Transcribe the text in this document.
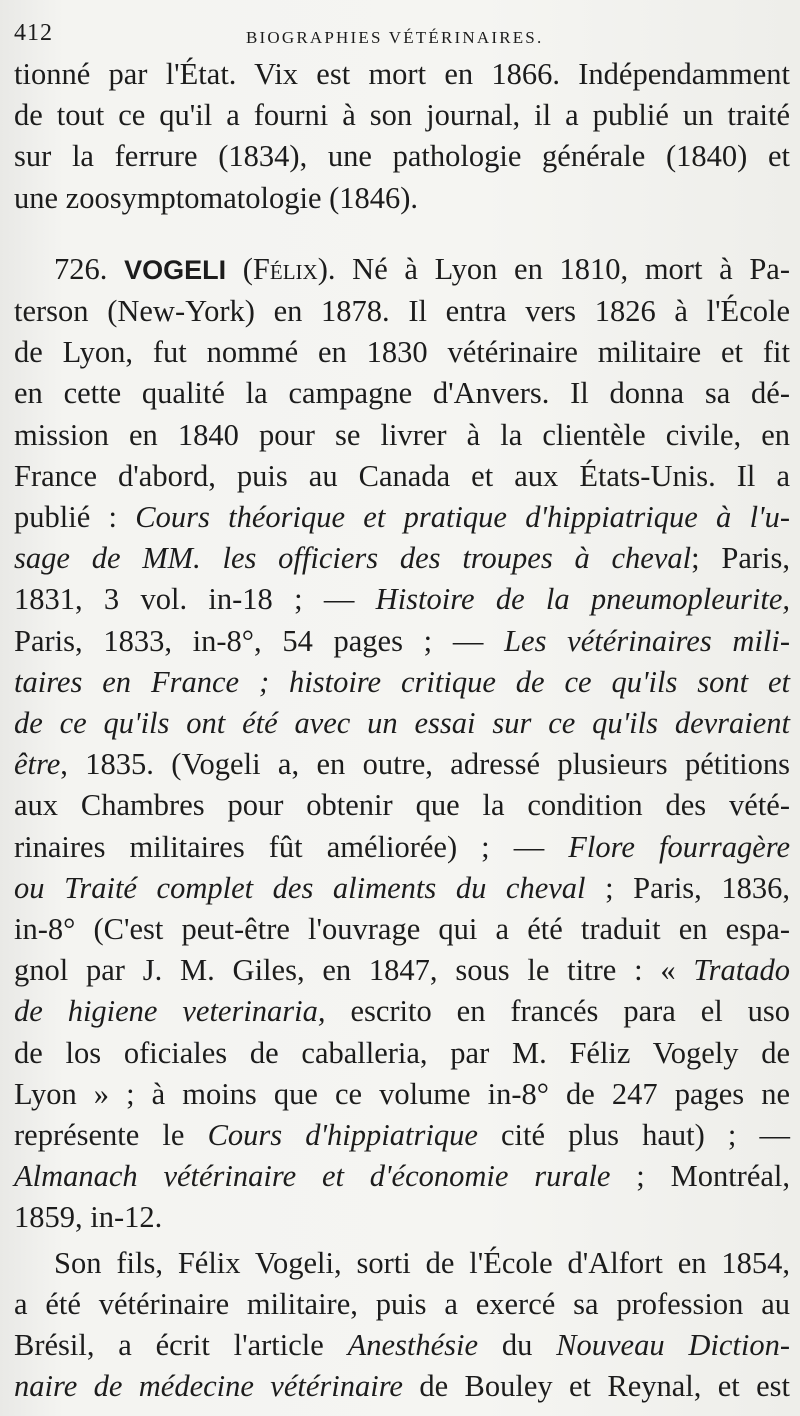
412	BIOGRAPHIES VÉTÉRINAIRES.
tionné par l'État. Vix est mort en 1866. Indépendamment
de tout ce qu'il a fourni à son journal, il a publié un traité
sur la ferrure (1834), une pathologie générale (1840) et
une zoosymptomatologie (1846).
726. VOGELI (Félix). Né à Lyon en 1810, mort à Pa-
terson (New-York) en 1878. Il entra vers 1826 à l'École
de Lyon, fut nommé en 1830 vétérinaire militaire et fit
en cette qualité la campagne d'Anvers. Il donna sa dé-
mission en 1840 pour se livrer à la clientèle civile, en
France d'abord, puis au Canada et aux États-Unis. Il a
publié : Cours théorique et pratique d'hippiatrique à l'u-
sage de MM. les officiers des troupes à cheval; Paris,
1831, 3 vol. in-18 ; — Histoire de la pneumopleurite,
Paris, 1833, in-8°, 54 pages ; — Les vétérinaires mili-
taires en France ; histoire critique de ce qu'ils sont et
de ce qu'ils ont été avec un essai sur ce qu'ils devraient
être, 1835. (Vogeli a, en outre, adressé plusieurs pétitions
aux Chambres pour obtenir que la condition des vété-
rinaires militaires fût améliorée) ; — Flore fourragère
ou Traité complet des aliments du cheval ; Paris, 1836,
in-8° (C'est peut-être l'ouvrage qui a été traduit en espa-
gnol par J. M. Giles, en 1847, sous le titre : « Tratado
de higiene veterinaria, escrito en francés para el uso
de los oficiales de caballeria, par M. Féliz Vogely de
Lyon » ; à moins que ce volume in-8° de 247 pages ne
représente le Cours d'hippiatrique cité plus haut) ; —
Almanach vétérinaire et d'économie rurale ; Montréal,
1859, in-12.
Son fils, Félix Vogeli, sorti de l'École d'Alfort en 1854,
a été vétérinaire militaire, puis a exercé sa profession au
Brésil, a écrit l'article Anesthésie du Nouveau Diction-
naire de médecine vétérinaire de Bouley et Reynal, et est
